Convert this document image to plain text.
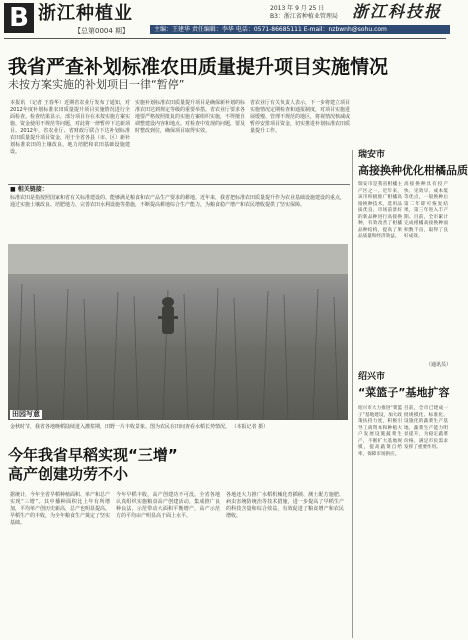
B 浙江种植业
【总第0004 期】
2013 年 9 月 25 日
B3：浙江省种植业管理局 浙江科技报
主编：王建华 责任编辑：李华 电话：0571-86685111 E-mail：nzbwnh@sohu.com
我省严查补划标准农田质量提升项目实施情况
未按方案实施的补划项目一律“暂停”
本报讯 （记者 王春华）近期省农业厅发布了通知，对2012年度补划标准农田质量提升项目实施情况进行全面检查。检查结果显示，部分项目存在未按实施方案实施、资金使用不规范等问题，对此将一律暂停下达新项目。2012年，省农业厅、省财政厅联合下达补划标准农田质量提升项目资金，用于全省各县（市、区）新补划标准农田的土壤改良、地力培肥和农田基础设施建设。
实施补划标准农田质量提升项目是确保新补划的标准农田达到规定等级的重要举措。省农业厅要求各地要严格按照批复的实施方案组织实施，不得擅自调整建设内容和地点。对检查中发现的问题，要及时整改到位，确保项目取得实效。
省农业厅有关负责人表示，下一步将建立项目实施情况定期检查和通报制度，对项目实施进展缓慢、管理不规范的地区，将视情况核减或暂停安排项目资金，切实推进补划标准农田质量提升工作。
■ 相关链接：
标准农田是指按照国家和省有关标准建设的、能够满足粮食和农产品生产要求的耕地。近年来，我省把标准农田质量提升作为农业基础设施建设的重点，通过实施土壤改良、培肥地力、完善农田水利设施等措施，不断提高耕地综合生产能力，为粮食稳产增产和农民增收提供了坚实保障。
田园写意
金秋时节，我省各地晚稻陆续进入灌浆期，田野一片丰收景象。图为农民在田间查看水稻长势情况。 （本报记者 摄）
今年我省早稻实现“三增”
高产创建功劳不小
据统计，今年全省早稻种植面积、单产和总产实现“三增”。其中播种面积比上年有所增加，平均单产创历史新高，总产也明显提高。早稻生产的丰收，为全年粮食生产奠定了坚实基础。
今年早稻丰收，高产创建功不可没。全省各地认真组织实施粮食高产创建活动，集成推广良种良法，示范带动大面积平衡增产，高产示范方的平均亩产明显高于面上水平。
各地还大力推广水稻机械化育插秧、测土配方施肥、病虫害统防统治等技术措施，进一步提高了早稻生产的科技含量和综合效益，有效促进了粮食增产和农民增收。
瑞安市
高接换种优化柑橘品质
瑞安市是我省柑橘主产区之一。近年来，该市积极推广柑橘高接换种技术，选用品质优良、市场前景好的新品种进行高接换种，有效改善了柑橘品种结构，提高了果品质量和经济效益。
高接换种具有投产快、见效早、成本低等优点，一般换种后第二年即可恢复结果，第三年进入丰产期。目前，全市累计完成柑橘高接换种面积数千亩，取得了良好成效。
（通讯员）
绍兴市
“菜篮子”基地扩容
绍兴市大力推进“菜篮子”基地建设，加大政策扶持力度，积极引导工商资本和种植大户发展设施蔬菜生产，不断扩大基地规模，提高蔬菜自给率，保障市场供应。
目前，全市已建成一批规模化、标准化、设施化的蔬菜生产基地，蔬菜生产能力明显提升，为稳定蔬菜价格、满足市民需求发挥了重要作用。
